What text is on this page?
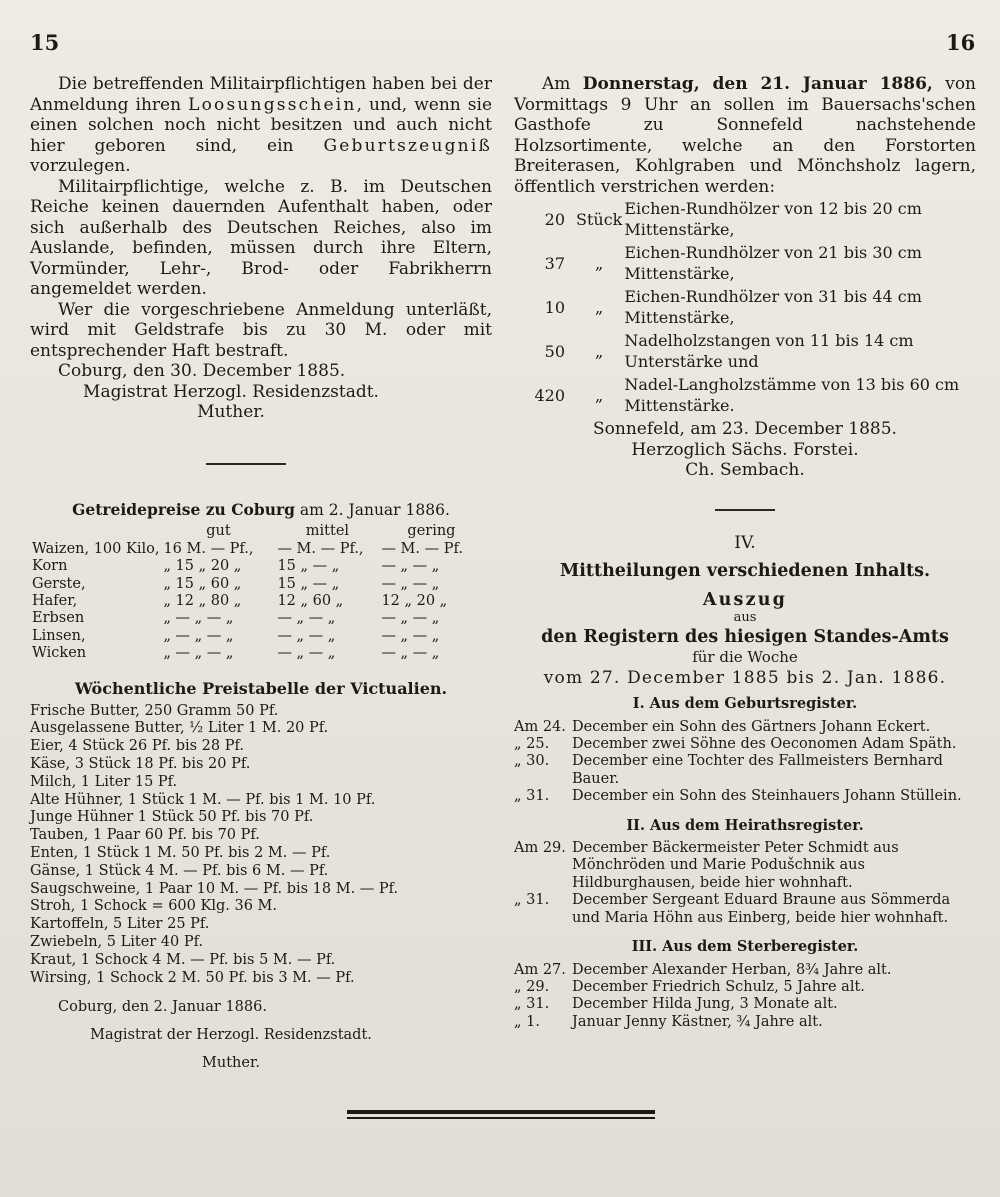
15	16

Die betreffenden Militairpflichtigen haben bei der Anmeldung ihren Loosungsschein, und, wenn sie einen solchen noch nicht besitzen und auch nicht hier geboren sind, ein Geburtszeugniß vorzulegen.

Militairpflichtige, welche z. B. im Deutschen Reiche keinen dauernden Aufenthalt haben, oder sich außerhalb des Deutschen Reiches, also im Auslande, befinden, müssen durch ihre Eltern, Vormünder, Lehr-, Brod- oder Fabrikherrn angemeldet werden.

Wer die vorgeschriebene Anmeldung unterläßt, wird mit Geldstrafe bis zu 30 M. oder mit entsprechender Haft bestraft.

Coburg, den 30. December 1885.

Magistrat Herzogl. Residenzstadt.

Muther.

Getreidepreise zu Coburg am 2. Januar 1886.

	gut	mittel	gering
Waizen, 100 Kilo,	16 M. — Pf.,	— M. — Pf.,	— M. — Pf.
Korn	„ 15 „ 20 „	15 „ — „	— „ — „
Gerste,	„ 15 „ 60 „	15 „ — „	— „ — „
Hafer,	„ 12 „ 80 „	12 „ 60 „	12 „ 20 „
Erbsen	„ — „ — „	— „ — „	— „ — „
Linsen,	„ — „ — „	— „ — „	— „ — „
Wicken	„ — „ — „	— „ — „	— „ — „

Wöchentliche Preistabelle der Victualien.

Frische Butter, 250 Gramm 50 Pf.
Ausgelassene Butter, ½ Liter 1 M. 20 Pf.
Eier, 4 Stück 26 Pf. bis 28 Pf.
Käse, 3 Stück 18 Pf. bis 20 Pf.
Milch, 1 Liter 15 Pf.
Alte Hühner, 1 Stück 1 M. — Pf. bis 1 M. 10 Pf.
Junge Hühner 1 Stück 50 Pf. bis 70 Pf.
Tauben, 1 Paar 60 Pf. bis 70 Pf.
Enten, 1 Stück 1 M. 50 Pf. bis 2 M. — Pf.
Gänse, 1 Stück 4 M. — Pf. bis 6 M. — Pf.
Saugschweine, 1 Paar 10 M. — Pf. bis 18 M. — Pf.
Stroh, 1 Schock = 600 Klg. 36 M.
Kartoffeln, 5 Liter 25 Pf.
Zwiebeln, 5 Liter 40 Pf.
Kraut, 1 Schock 4 M. — Pf. bis 5 M. — Pf.
Wirsing, 1 Schock 2 M. 50 Pf. bis 3 M. — Pf.

Coburg, den 2. Januar 1886.

Magistrat der Herzogl. Residenzstadt.

Muther.

Am Donnerstag, den 21. Januar 1886, von Vormittags 9 Uhr an sollen im Bauersachs'schen Gasthofe zu Sonnefeld nachstehende Holzsortimente, welche an den Forstorten Breiterasen, Kohlgraben und Mönchsholz lagern, öffentlich verstrichen werden:

20	Stück	Eichen-Rundhölzer von 12 bis 20 cm Mittenstärke,
37	„	Eichen-Rundhölzer von 21 bis 30 cm Mittenstärke,
10	„	Eichen-Rundhölzer von 31 bis 44 cm Mittenstärke,
50	„	Nadelholzstangen von 11 bis 14 cm Unterstärke und
420	„	Nadel-Langholzstämme von 13 bis 60 cm Mittenstärke.

Sonnefeld, am 23. December 1885.

Herzoglich Sächs. Forstei.

Ch. Sembach.

IV.

Mittheilungen verschiedenen Inhalts.

Auszug

aus

den Registern des hiesigen Standes-Amts

für die Woche

vom 27. December 1885 bis 2. Jan. 1886.

I. Aus dem Geburtsregister.

Am 24. December ein Sohn des Gärtners Johann Eckert.
„ 25.	December zwei Söhne des Oeconomen Adam Späth.
„ 30.	December eine Tochter des Fallmeisters Bernhard Bauer.
„ 31.	December ein Sohn des Steinhauers Johann Stüllein.

II. Aus dem Heirathsregister.

Am 29. December Bäckermeister Peter Schmidt aus Mönchröden und Marie Podušchnik aus Hildburghausen, beide hier wohnhaft.
„ 31.	December Sergeant Eduard Braune aus Sömmerda und Maria Höhn aus Einberg, beide hier wohnhaft.

III. Aus dem Sterberegister.

Am 27. December Alexander Herban, 8¾ Jahre alt.
„ 29.	December Friedrich Schulz, 5 Jahre alt.
„ 31.	December Hilda Jung, 3 Monate alt.
„ 1.	Januar Jenny Kästner, ¾ Jahre alt.
